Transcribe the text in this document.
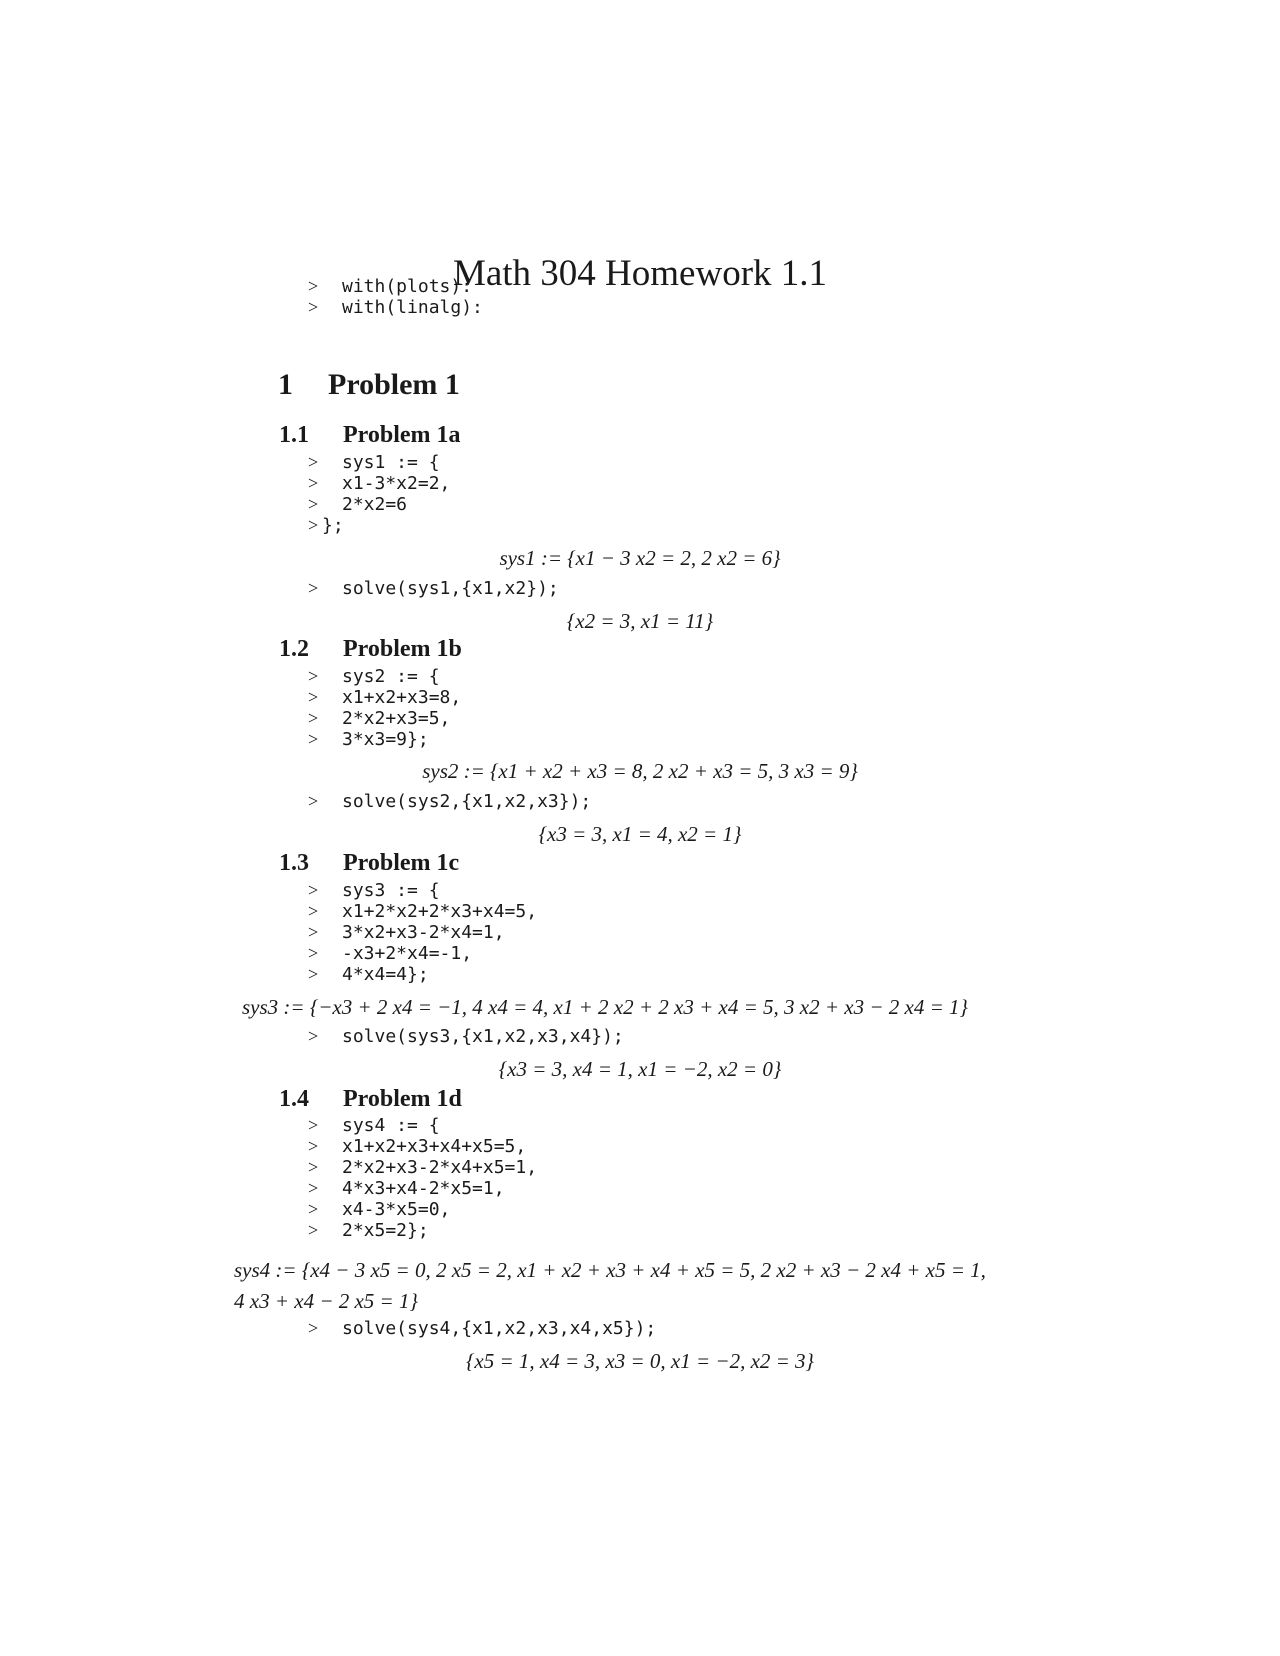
Math 304 Homework 1.1
> with(plots):
> with(linalg):
1 Problem 1
1.1 Problem 1a
> sys1 := {
> x1-3*x2=2,
> 2*x2=6
> };
sys1 := {x1 − 3 x2 = 2, 2 x2 = 6}
> solve(sys1,{x1,x2});
{x2 = 3, x1 = 11}
1.2 Problem 1b
> sys2 := {
> x1+x2+x3=8,
> 2*x2+x3=5,
> 3*x3=9};
sys2 := {x1 + x2 + x3 = 8, 2 x2 + x3 = 5, 3 x3 = 9}
> solve(sys2,{x1,x2,x3});
{x3 = 3, x1 = 4, x2 = 1}
1.3 Problem 1c
> sys3 := {
> x1+2*x2+2*x3+x4=5,
> 3*x2+x3-2*x4=1,
> -x3+2*x4=-1,
> 4*x4=4};
sys3 := {−x3 + 2 x4 = −1, 4 x4 = 4, x1 + 2 x2 + 2 x3 + x4 = 5, 3 x2 + x3 − 2 x4 = 1}
> solve(sys3,{x1,x2,x3,x4});
{x3 = 3, x4 = 1, x1 = −2, x2 = 0}
1.4 Problem 1d
> sys4 := {
> x1+x2+x3+x4+x5=5,
> 2*x2+x3-2*x4+x5=1,
> 4*x3+x4-2*x5=1,
> x4-3*x5=0,
> 2*x5=2};
sys4 := {x4 − 3 x5 = 0, 2 x5 = 2, x1 + x2 + x3 + x4 + x5 = 5, 2 x2 + x3 − 2 x4 + x5 = 1,
4 x3 + x4 − 2 x5 = 1}
> solve(sys4,{x1,x2,x3,x4,x5});
{x5 = 1, x4 = 3, x3 = 0, x1 = −2, x2 = 3}
